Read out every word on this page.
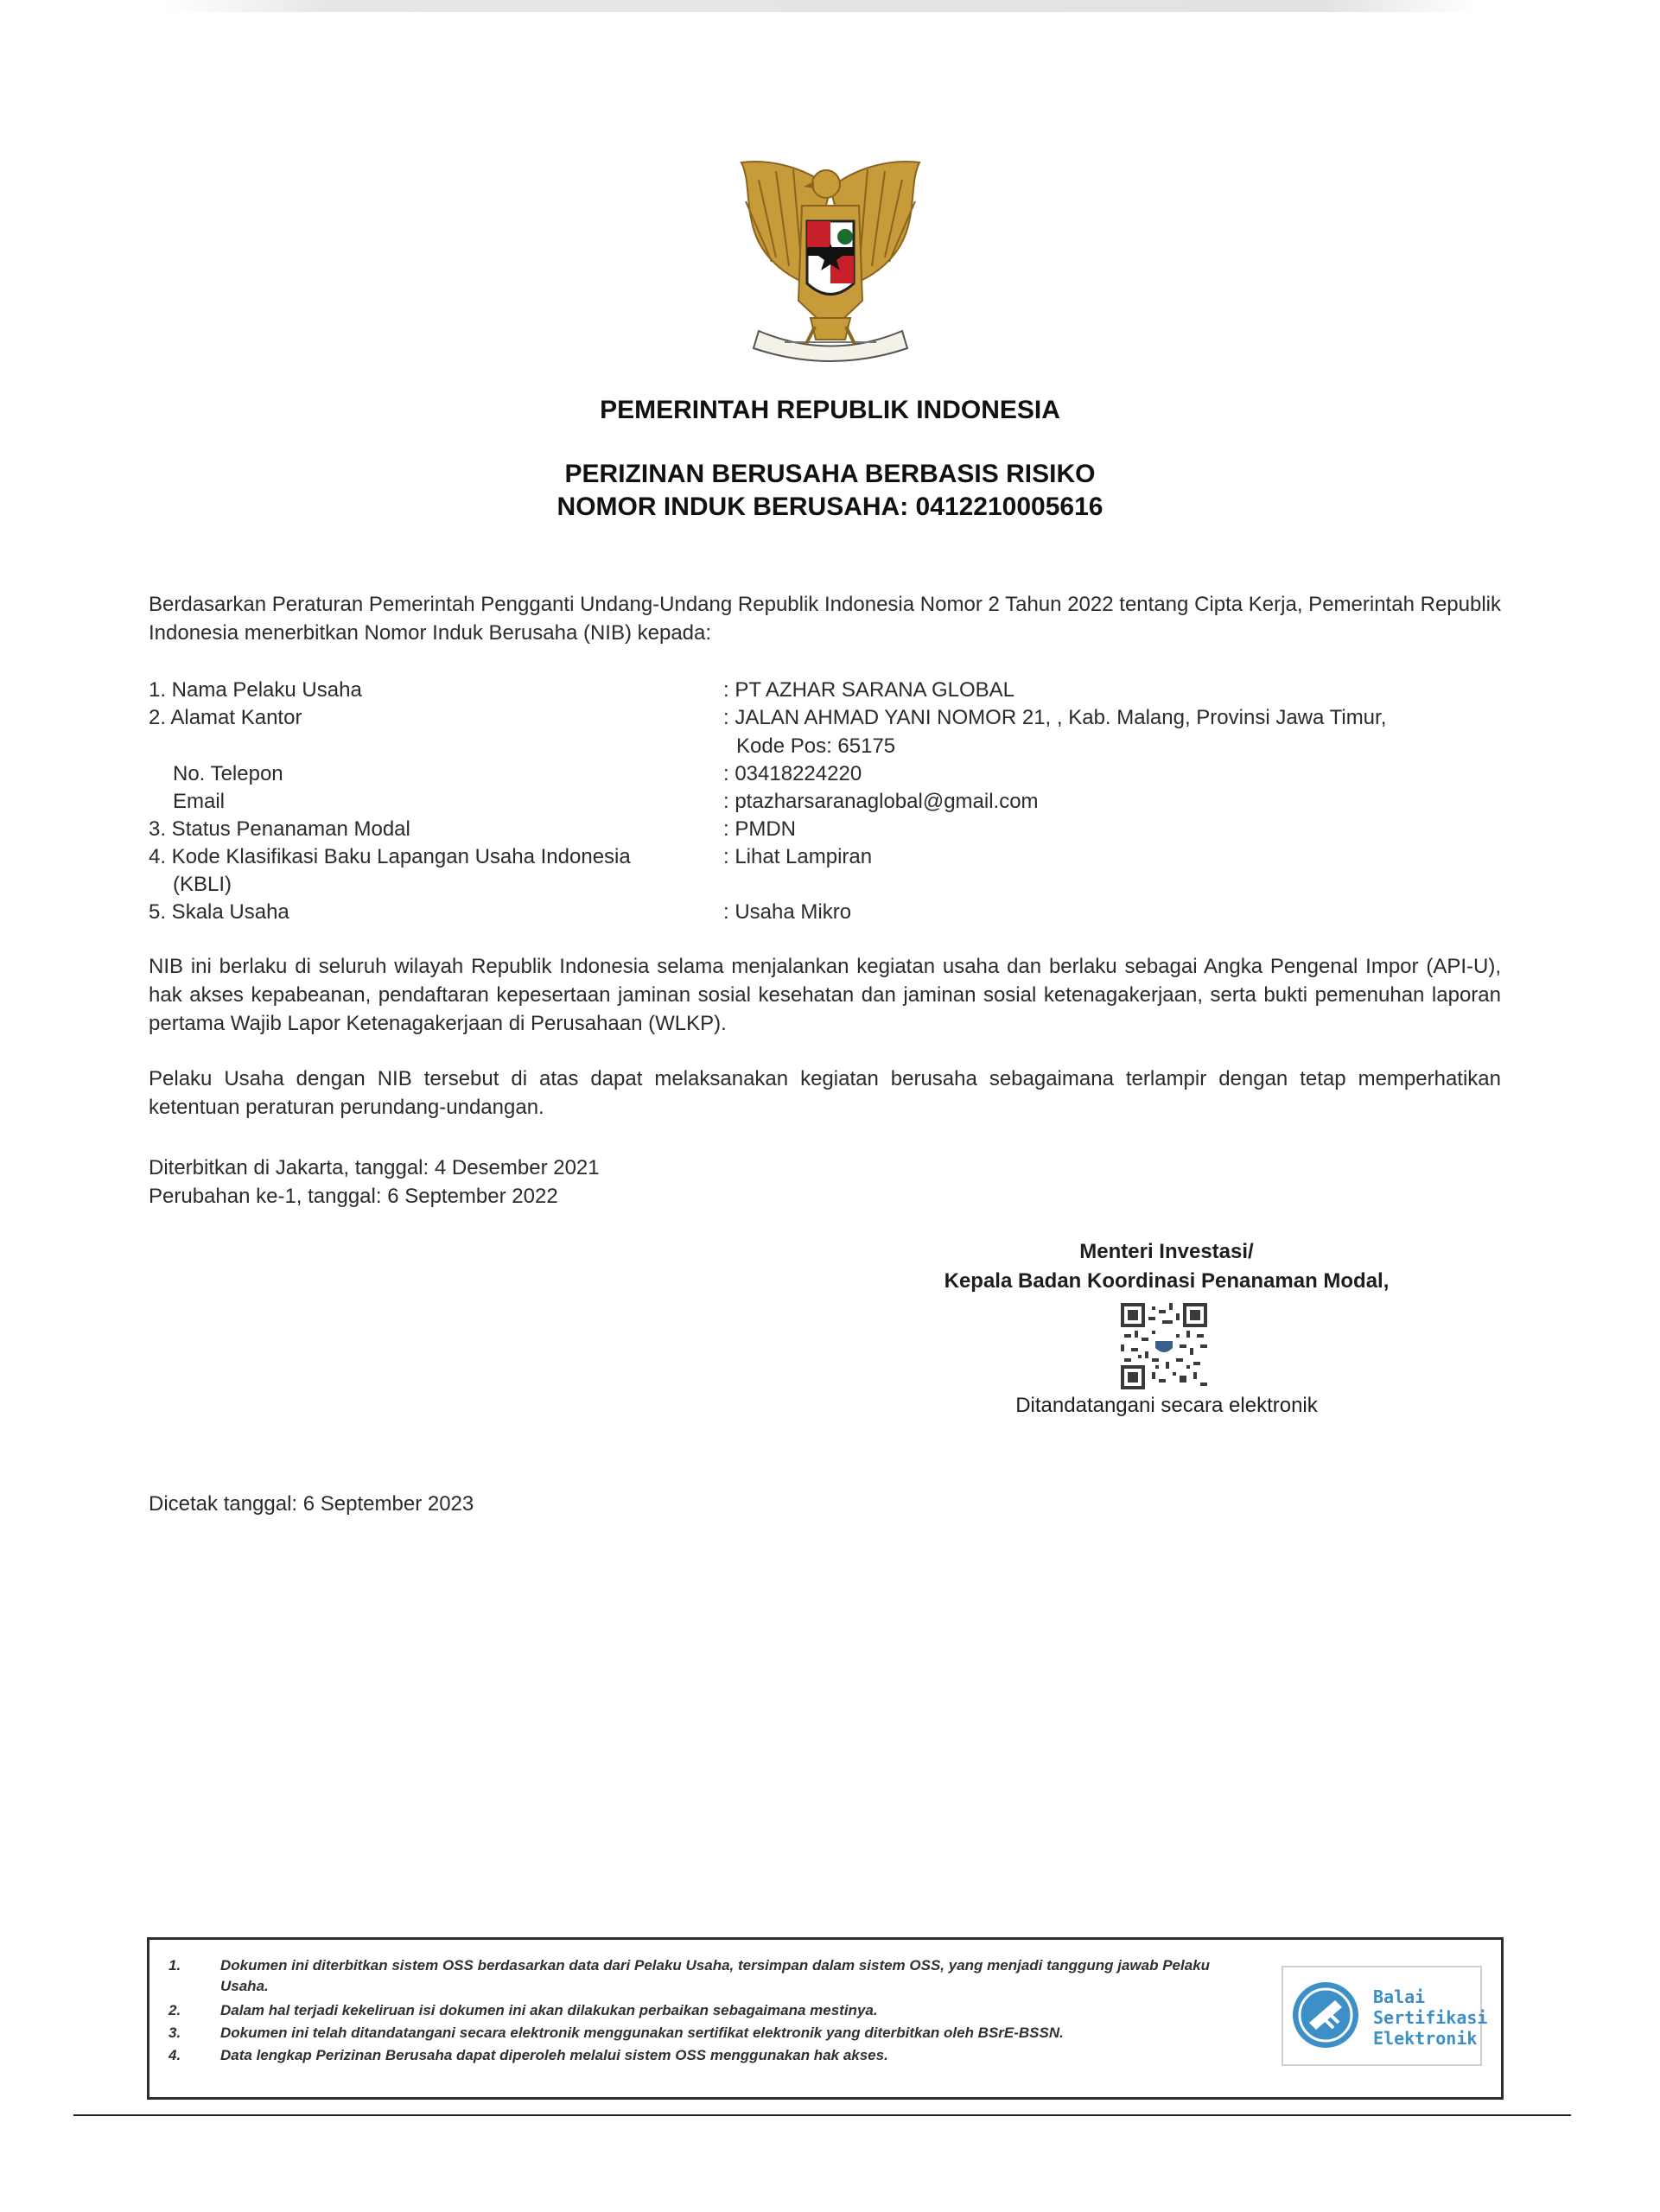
PEMERINTAH REPUBLIK INDONESIA
PERIZINAN BERUSAHA BERBASIS RISIKO
NOMOR INDUK BERUSAHA: 0412210005616
Berdasarkan Peraturan Pemerintah Pengganti Undang-Undang Republik Indonesia Nomor 2 Tahun 2022 tentang Cipta Kerja, Pemerintah Republik Indonesia menerbitkan Nomor Induk Berusaha (NIB) kepada:
1. Nama Pelaku Usaha	: PT AZHAR SARANA GLOBAL
2. Alamat Kantor	: JALAN AHMAD YANI NOMOR 21, , Kab. Malang, Provinsi Jawa Timur,
Kode Pos: 65175
No. Telepon	: 03418224220
Email	: ptazharsaranaglobal@gmail.com
3. Status Penanaman Modal	: PMDN
4. Kode Klasifikasi Baku Lapangan Usaha Indonesia	: Lihat Lampiran
(KBLI)
5. Skala Usaha	: Usaha Mikro
NIB ini berlaku di seluruh wilayah Republik Indonesia selama menjalankan kegiatan usaha dan berlaku sebagai Angka Pengenal Impor (API-U), hak akses kepabeanan, pendaftaran kepesertaan jaminan sosial kesehatan dan jaminan sosial ketenagakerjaan, serta bukti pemenuhan laporan pertama Wajib Lapor Ketenagakerjaan di Perusahaan (WLKP).
Pelaku Usaha dengan NIB tersebut di atas dapat melaksanakan kegiatan berusaha sebagaimana terlampir dengan tetap memperhatikan ketentuan peraturan perundang-undangan.
Diterbitkan di Jakarta, tanggal: 4 Desember 2021
Perubahan ke-1, tanggal: 6 September 2022
Menteri Investasi/
Kepala Badan Koordinasi Penanaman Modal,
Ditandatangani secara elektronik
Dicetak tanggal: 6 September 2023
1.	Dokumen ini diterbitkan sistem OSS berdasarkan data dari Pelaku Usaha, tersimpan dalam sistem OSS, yang menjadi tanggung jawab Pelaku Usaha.
2.	Dalam hal terjadi kekeliruan isi dokumen ini akan dilakukan perbaikan sebagaimana mestinya.
3.	Dokumen ini telah ditandatangani secara elektronik menggunakan sertifikat elektronik yang diterbitkan oleh BSrE-BSSN.
4.	Data lengkap Perizinan Berusaha dapat diperoleh melalui sistem OSS menggunakan hak akses.
Balai
Sertifikasi
Elektronik
